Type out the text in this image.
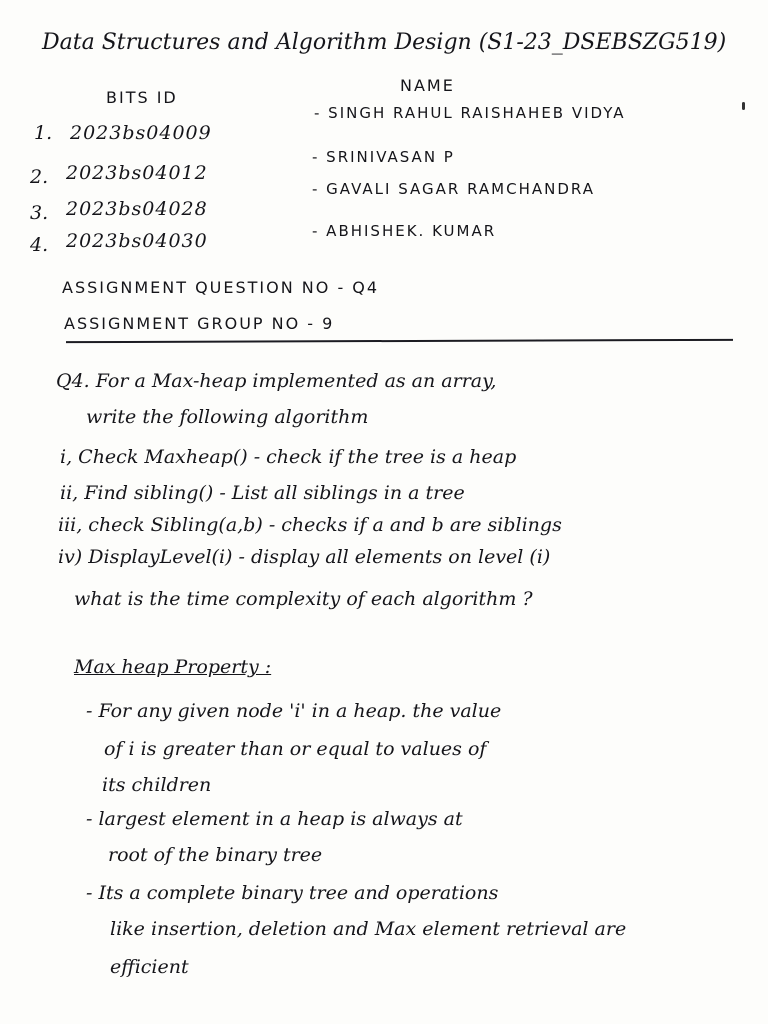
Data Structures and Algorithm Design (S1-23_DSEBSZG519)
BITS ID
NAME
1. 2023bs04009
- SINGH RAHUL RAISHAHEB VIDYA
2. 2023bs04012
- SRINIVASAN P
3. 2023bs04028
- GAVALI SAGAR RAMCHANDRA
4. 2023bs04030	- ABHISHEK. KUMAR
ASSIGNMENT QUESTION NO - Q4
ASSIGNMENT GROUP NO - 9
Q4. For a Max-heap implemented as an array,
write the following algorithm
i, Check Maxheap() - check if the tree is a heap
ii, Find sibling() - List all siblings in a tree
iii, check Sibling(a,b) - checks if a and b are siblings
iv) DisplayLevel(i) - display all elements on level (i)
what is the time complexity of each algorithm ?
Max heap Property :
- For any given node 'i' in a heap. the value
of i is greater than or equal to values of
its children
- largest element in a heap is always at
root of the binary tree
- Its a complete binary tree and operations
like insertion, deletion and Max element retrieval are
efficient
